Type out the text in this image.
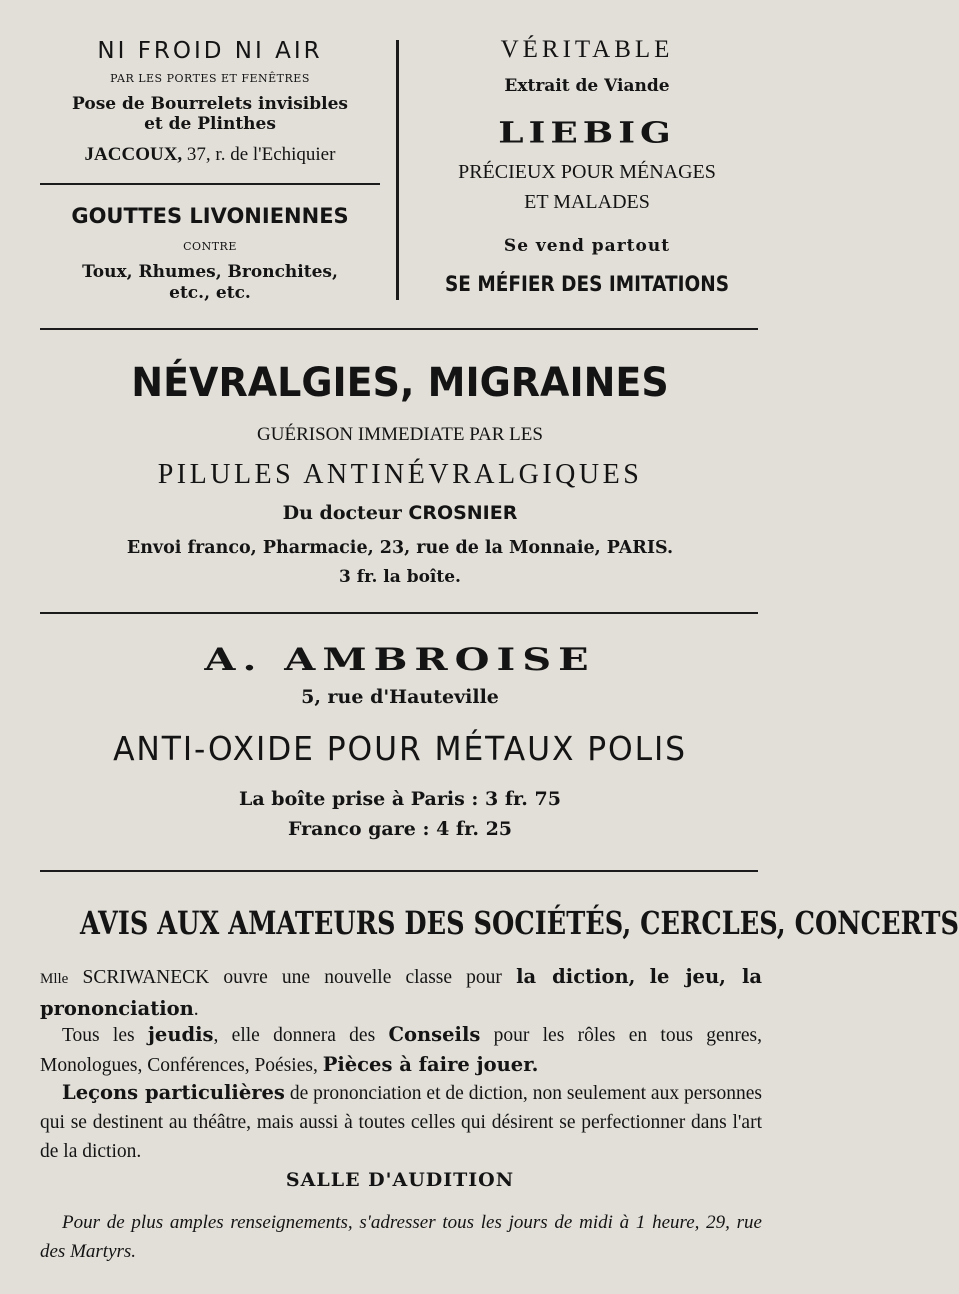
NI FROID NI AIR
PAR LES PORTES ET FENÊTRES
Pose de Bourrelets invisibles
et de Plinthes
JACCOUX, 37, r. de l'Echiquier
GOUTTES LIVONIENNES
CONTRE
Toux, Rhumes, Bronchites,
etc., etc.
VÉRITABLE
Extrait de Viande
LIEBIG
PRÉCIEUX POUR MÉNAGES
ET MALADES
Se vend partout
SE MÉFIER DES IMITATIONS
NÉVRALGIES, MIGRAINES
GUÉRISON IMMEDIATE PAR LES
PILULES ANTINÉVRALGIQUES
Du docteur CROSNIER
Envoi franco, Pharmacie, 23, rue de la Monnaie, PARIS.
3 fr. la boîte.
A. AMBROISE
5, rue d'Hauteville
ANTI-OXIDE POUR MÉTAUX POLIS
La boîte prise à Paris : 3 fr. 75
Franco gare : 4 fr. 25
AVIS AUX AMATEURS DES SOCIÉTÉS, CERCLES, CONCERTS
Mlle SCRIWANECK ouvre une nouvelle classe pour la diction, le jeu, la prononciation.
Tous les jeudis, elle donnera des Conseils pour les rôles en tous genres, Monologues, Conférences, Poésies, Pièces à faire jouer.
Leçons particulières de prononciation et de diction, non seulement aux personnes qui se destinent au théâtre, mais aussi à toutes celles qui désirent se perfectionner dans l'art de la diction.
SALLE D'AUDITION
Pour de plus amples renseignements, s'adresser tous les jours de midi à 1 heure, 29, rue des Martyrs.
